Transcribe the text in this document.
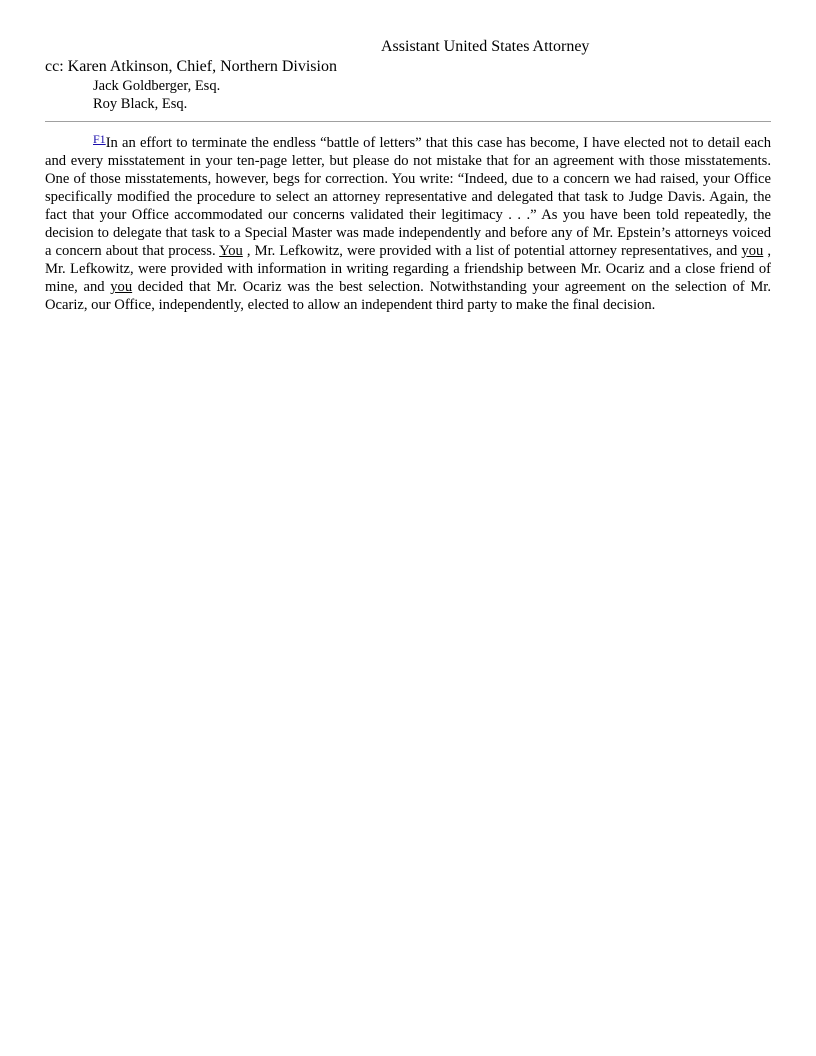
Assistant United States Attorney
cc: Karen Atkinson, Chief, Northern Division
Jack Goldberger, Esq.
Roy Black, Esq.

$^{F1}$In an effort to terminate the endless “battle of letters” that this case has become, I have elected not to detail each and every misstatement in your ten-page letter, but please do not mistake that for an agreement with those misstatements. One of those misstatements, however, begs for correction. You write: “Indeed, due to a concern we had raised, your Office specifically modified the procedure to select an attorney representative and delegated that task to Judge Davis. Again, the fact that your Office accommodated our concerns validated their legitimacy . . .” As you have been told repeatedly, the decision to delegate that task to a Special Master was made independently and before any of Mr. Epstein’s attorneys voiced a concern about that process. You , Mr. Lefkowitz, were provided with a list of potential attorney representatives, and you , Mr. Lefkowitz, were provided with information in writing regarding a friendship between Mr. Ocariz and a close friend of mine, and you decided that Mr. Ocariz was the best selection. Notwithstanding your agreement on the selection of Mr. Ocariz, our Office, independently, elected to allow an independent third party to make the final decision.
